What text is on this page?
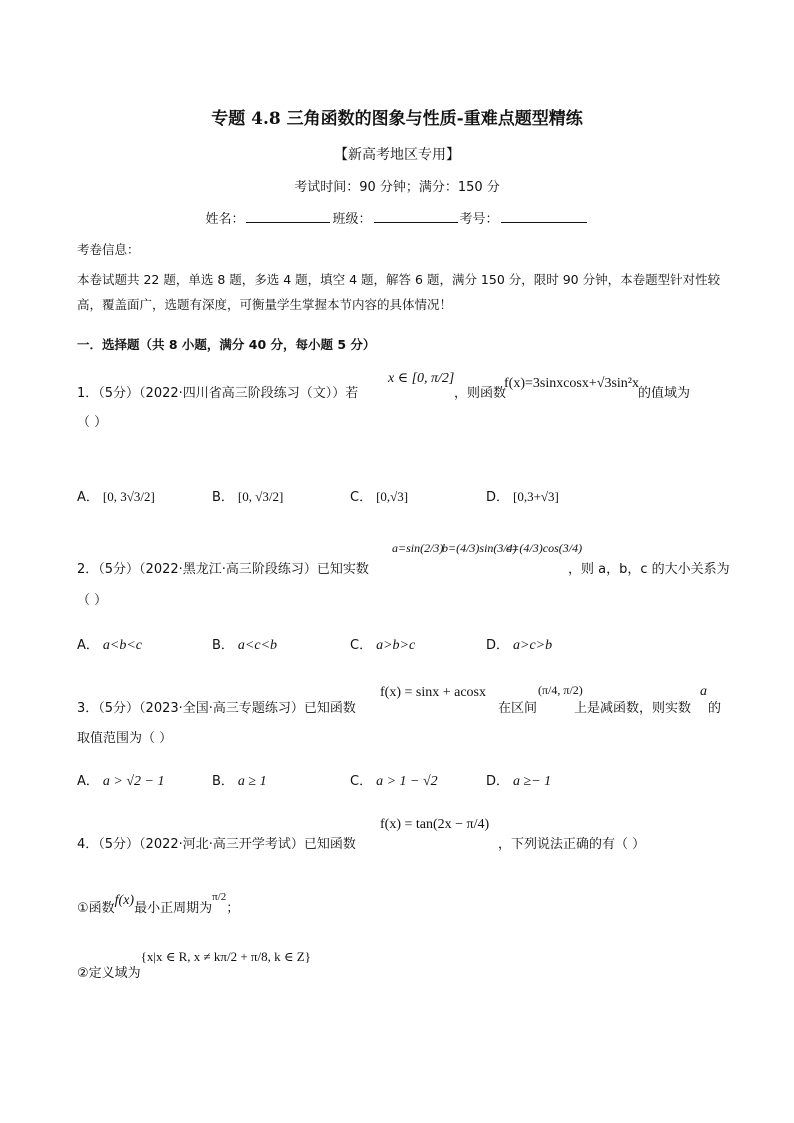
专题 4.8 三角函数的图象与性质-重难点题型精练
【新高考地区专用】
考试时间：90 分钟；满分：150 分
姓名：	班级：	考号：
考卷信息：
本卷试题共 22 题，单选 8 题，多选 4 题，填空 4 题，解答 6 题，满分 150 分，限时 90 分钟，本卷题型针对性较高，覆盖面广，选题有深度，可衡量学生掌握本节内容的具体情况！
一．选择题（共 8 小题，满分 40 分，每小题 5 分）
1．（5分）（2022·四川省高三阶段练习（文））若
x ∈ [0, π/2]
，则函数
f(x)=3sinxcosx+√3sin²x
的值域为
（ ）
A． [0, 3√3/2]	B． [0, √3/2]	C． [0,√3]	D． [0,3+√3]
2．（5分）（2022·黑龙江·高三阶段练习）已知实数
a=sin(2/3)
b=(4/3)sin(3/4)
c=(4/3)cos(3/4)
，则 a，b，c 的大小关系为
（ ）
A． a<b<c	B． a<c<b	C． a>b>c	D． a>c>b
3．（5分）（2023·全国·高三专题练习）已知函数
f(x) = sinx + acosx
在区间
(π/4, π/2)
上是减函数，则实数
a
的
取值范围为（ ）
A． a > √2 − 1	B． a ≥ 1	C． a > 1 − √2	D． a ≥− 1
4．（5分）（2022·河北·高三开学考试）已知函数
f(x) = tan(2x − π/4)
，下列说法正确的有（ ）
①函数f(x)最小正周期为$^{\pi/2}$；
②定义域为{x|x ∈ R, x ≠ kπ/2 + π/8, k ∈ Z}
